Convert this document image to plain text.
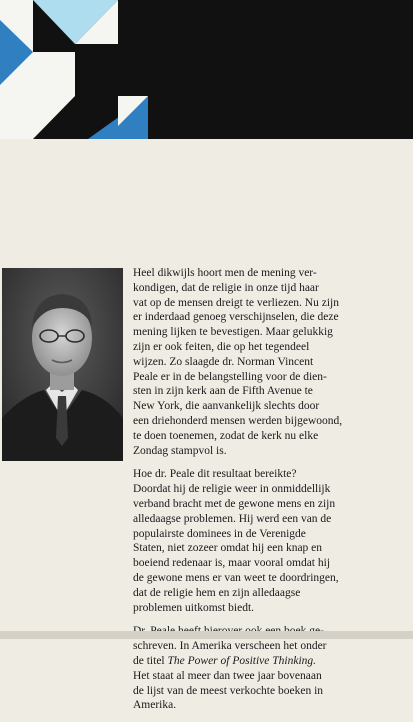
Heel dikwijls hoort men de mening ver-
kondigen, dat de religie in onze tijd haar
vat op de mensen dreigt te verliezen. Nu zijn
er inderdaad genoeg verschijnselen, die deze
mening lijken te bevestigen. Maar gelukkig
zijn er ook feiten, die op het tegendeel
wijzen. Zo slaagde dr. Norman Vincent
Peale er in de belangstelling voor de dien-
sten in zijn kerk aan de Fifth Avenue te
New York, die aanvankelijk slechts door
een driehonderd mensen werden bijgewoond,
te doen toenemen, zodat de kerk nu elke
Zondag stampvol is.

Hoe dr. Peale dit resultaat bereikte?
Doordat hij de religie weer in onmiddellijk
verband bracht met de gewone mens en zijn
alledaagse problemen. Hij werd een van de
populairste dominees in de Verenigde
Staten, niet zozeer omdat hij een knap en
boeiend redenaar is, maar vooral omdat hij
de gewone mens er van weet te doordringen,
dat de religie hem en zijn alledaagse
problemen uitkomst biedt.

schreven. In Amerika verscheen het onder
de titel The Power of Positive Thinking.
Het staat al meer dan twee jaar bovenaan
de lijst van de meest verkochte boeken in
Amerika.
